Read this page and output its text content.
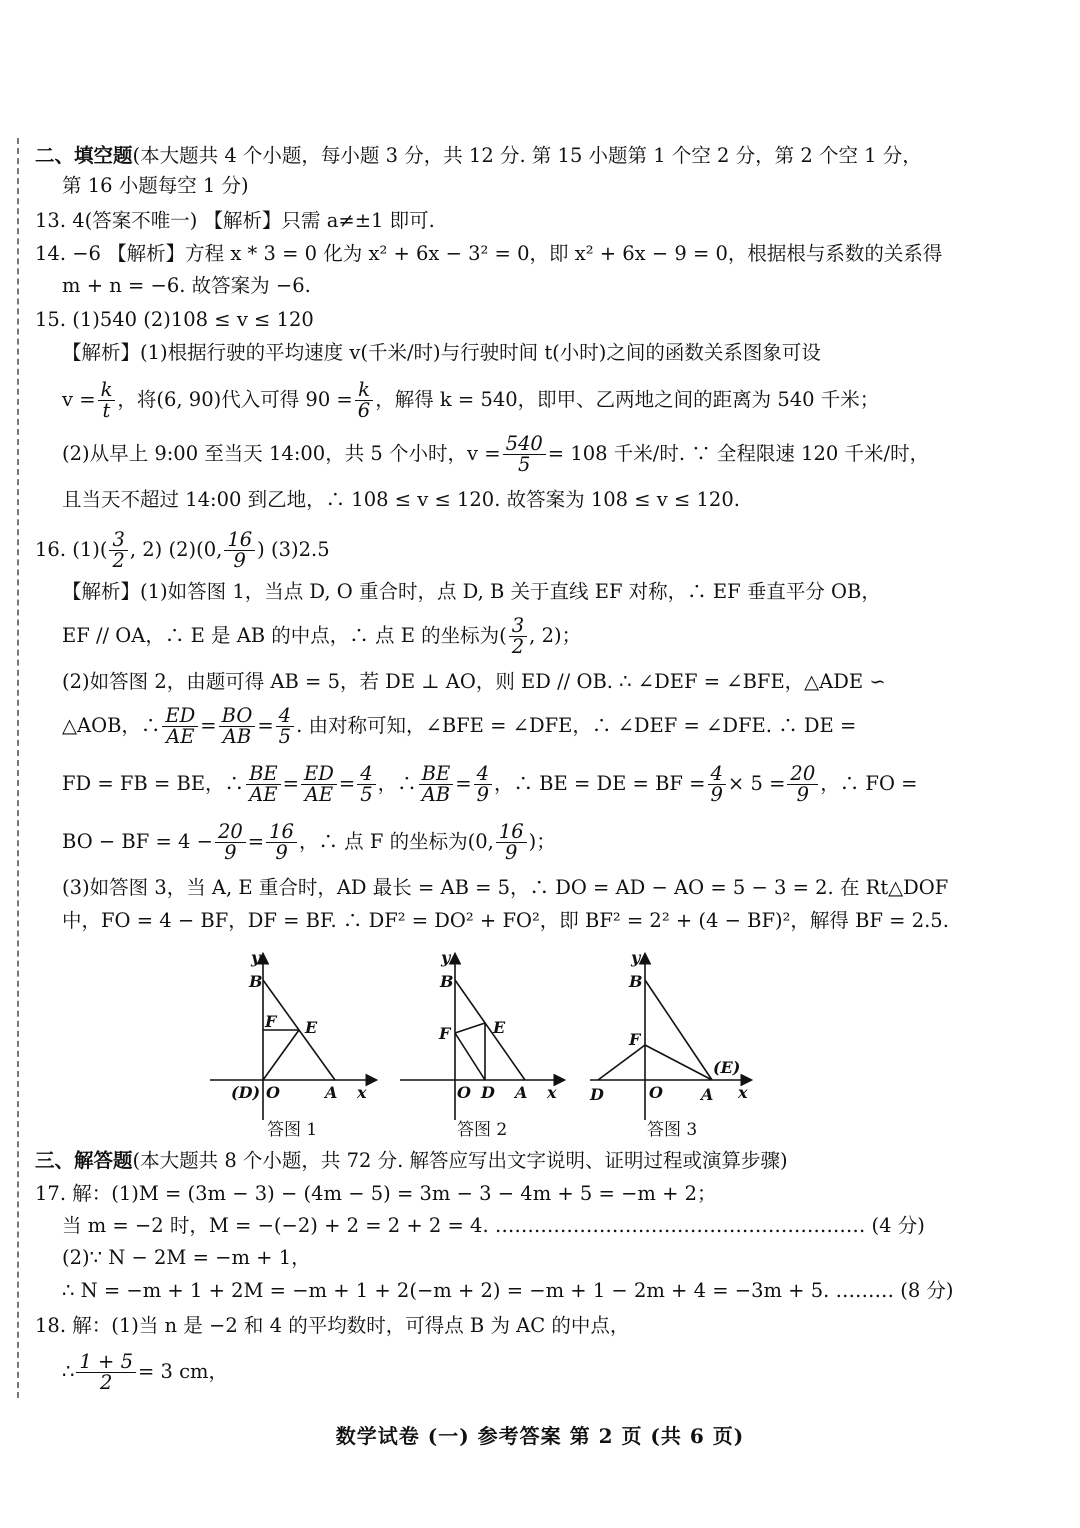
二、填空题(本大题共 4 个小题，每小题 3 分，共 12 分. 第 15 小题第 1 个空 2 分，第 2 个空 1 分，
第 16 小题每空 1 分)
13. 4(答案不唯一) 【解析】只需 a≠±1 即可.
14. −6 【解析】方程 x * 3 = 0 化为 x² + 6x − 3² = 0，即 x² + 6x − 9 = 0，根据根与系数的关系得
m + n = −6. 故答案为 −6.
15. (1)540 (2)108 ≤ v ≤ 120
【解析】(1)根据行驶的平均速度 v(千米/时)与行驶时间 t(小时)之间的函数关系图象可设
$v = \frac{k}{t}$ ，将(6, 90)代入可得 $90 = \frac{k}{6}$ ，解得 k = 540，即甲、乙两地之间的距离为 540 千米；
(2)从早上 9:00 至当天 14:00，共 5 个小时，$v = \frac{540}{5} = 108$ 千米/时. ∵ 全程限速 120 千米/时，
且当天不超过 14:00 到乙地，∴ 108 ≤ v ≤ 120. 故答案为 108 ≤ v ≤ 120.
16. $(1)( \frac{3}{2}$ , 2) (2)(0, $\frac{16}{9}$ ) (3)2.5
【解析】(1)如答图 1，当点 D, O 重合时，点 D, B 关于直线 EF 对称，∴ EF 垂直平分 OB，
EF // OA，∴ E 是 AB 的中点，∴ 点 E 的坐标为( $\frac{3}{2}$ , 2)；
(2)如答图 2，由题可得 AB = 5，若 DE ⊥ AO，则 ED // OB. ∴ ∠DEF = ∠BFE，△ADE ∽
△AOB，∴ $\frac{ED}{AE} = \frac{BO}{AB} = \frac{4}{5}$ . 由对称可知，∠BFE = ∠DFE，∴ ∠DEF = ∠DFE. ∴ DE =
FD = FB = BE，∴ $\frac{BE}{AE} = \frac{ED}{AE} = \frac{4}{5}$ ，∴ $\frac{BE}{AB} = \frac{4}{9}$ ，∴ BE = DE = BF = $\frac{4}{9} \times 5 = \frac{20}{9}$ ，∴ FO =
BO − BF = $4 - \frac{20}{9} = \frac{16}{9}$ ，∴ 点 F 的坐标为(0, $\frac{16}{9}$ )；
(3)如答图 3，当 A, E 重合时，AD 最长 = AB = 5，∴ DO = AD − AO = 5 − 3 = 2. 在 Rt△DOF
中，FO = 4 − BF，DF = BF. ∴ DF² = DO² + FO²，即 BF² = 2² + (4 − BF)²，解得 BF = 2.5.
y
B
F E
(D) O	A x
y
B
F	E
O D A x
y
B
F
(E)
D	O A x
答图 1	答图 2	答图 3
三、解答题(本大题共 8 个小题，共 72 分. 解答应写出文字说明、证明过程或演算步骤)
17. 解：(1)M = (3m − 3) − (4m − 5) = 3m − 3 − 4m + 5 = −m + 2；
当 m = −2 时，M = −(−2) + 2 = 2 + 2 = 4. ………………………………………………… (4 分)
(2)∵ N − 2M = −m + 1，
∴ N = −m + 1 + 2M = −m + 1 + 2(−m + 2) = −m + 1 − 2m + 4 = −3m + 5. ……… (8 分)
18. 解：(1)当 n 是 −2 和 4 的平均数时，可得点 B 为 AC 的中点，
∴ $\frac{1 + 5}{2} = 3$ cm，
数学试卷 (一) 参考答案 第 2 页 (共 6 页)
